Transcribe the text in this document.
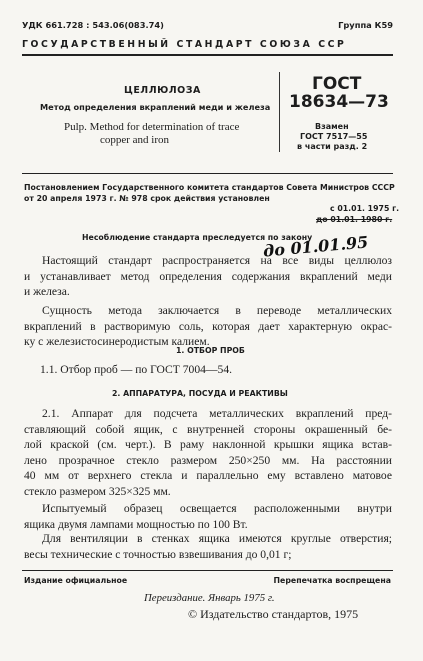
УДК 661.728 : 543.06(083.74)	Группа К59
ГОСУДАРСТВЕННЫЙ СТАНДАРТ СОЮЗА ССР
ЦЕЛЛЮЛОЗА
Метод определения вкраплений меди и железа
Pulp. Method for determination of trace
copper and iron
ГОСТ
18634—73
Взамен
ГОСТ 7517—55
в части разд. 2
Постановлением Государственного комитета стандартов Совета Министров СССР
от 20 апреля 1973 г. № 978 срок действия установлен
с 01.01. 1975 г.
до 01.01. 1980 г.
Несоблюдение стандарта преследуется по закону
до 01.01.95
Настоящий стандарт распространяется на все виды целлюлоз
и устанавливает метод определения содержания вкраплений меди
и железа.
Сущность метода заключается в переводе металлических
вкраплений в растворимую соль, которая дает характерную окрас-
ку с железистосинеродистым калием.
1. ОТБОР ПРОБ
1.1. Отбор проб — по ГОСТ 7004—54.
2. АППАРАТУРА, ПОСУДА И РЕАКТИВЫ
2.1. Аппарат для подсчета металлических вкраплений пред-
ставляющий собой ящик, с внутренней стороны окрашенный бе-
лой краской (см. черт.). В раму наклонной крышки ящика встав-
лено прозрачное стекло размером 250×250 мм. На расстоянии
40 мм от верхнего стекла и параллельно ему вставлено матовое
стекло размером 325×325 мм.
Испытуемый образец освещается расположенными внутри
ящика двумя лампами мощностью по 100 Вт.
Для вентиляции в стенках ящика имеются круглые отверстия;
весы технические с точностью взвешивания до 0,01 г;
Издание официальное	Перепечатка воспрещена
Переиздание. Январь 1975 г.
© Издательство стандартов, 1975
